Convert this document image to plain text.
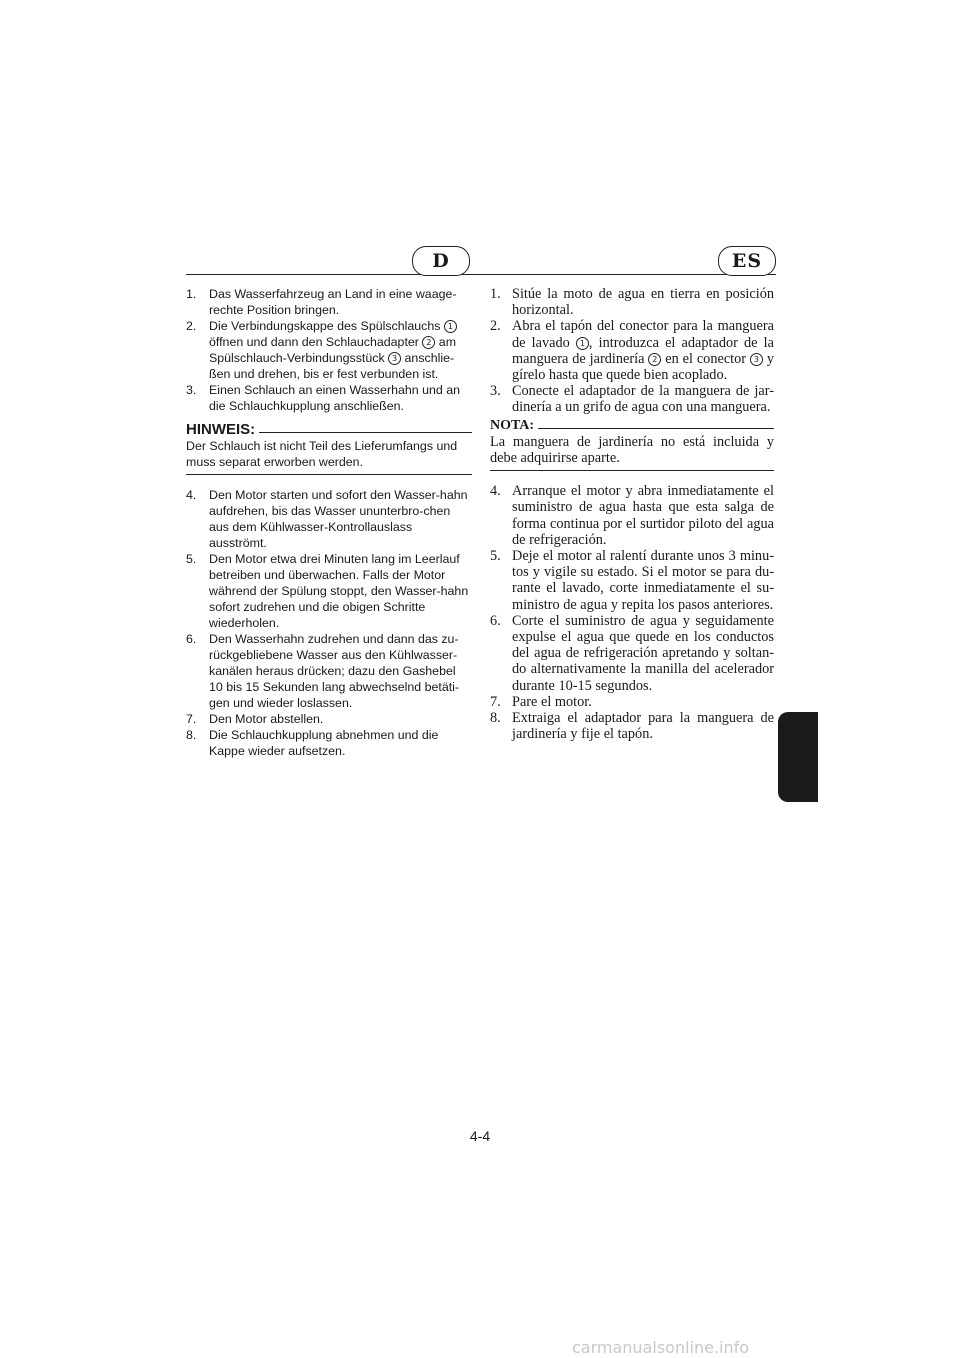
D	ES
1. Das Wasserfahrzeug an Land in eine waage-rechte Position bringen.
2. Die Verbindungskappe des Spülschlauchs 1 öffnen und dann den Schlauchadapter 2 am Spülschlauch-Verbindungsstück 3 anschlie-ßen und drehen, bis er fest verbunden ist.
3. Einen Schlauch an einen Wasserhahn und an die Schlauchkupplung anschließen.
HINWEIS:
Der Schlauch ist nicht Teil des Lieferumfangs und muss separat erworben werden.
4. Den Motor starten und sofort den Wasser-hahn aufdrehen, bis das Wasser ununterbro-chen aus dem Kühlwasser-Kontrollauslass ausströmt.
5. Den Motor etwa drei Minuten lang im Leerlauf betreiben und überwachen. Falls der Motor während der Spülung stoppt, den Wasser-hahn sofort zudrehen und die obigen Schritte wiederholen.
6. Den Wasserhahn zudrehen und dann das zu-rückgebliebene Wasser aus den Kühlwasser-kanälen heraus drücken; dazu den Gashebel 10 bis 15 Sekunden lang abwechselnd betäti-gen und wieder loslassen.
7. Den Motor abstellen.
8. Die Schlauchkupplung abnehmen und die Kappe wieder aufsetzen.
1. Sitúe la moto de agua en tierra en posición horizontal.
2. Abra el tapón del conector para la manguera de lavado 1 , introduzca el adaptador de la manguera de jardinería 2 en el conector 3 y gírelo hasta que quede bien acoplado.
3. Conecte el adaptador de la manguera de jar-dinería a un grifo de agua con una manguera.
NOTA:
La manguera de jardinería no está incluida y debe adquirirse aparte.
4. Arranque el motor y abra inmediatamente el suministro de agua hasta que esta salga de forma continua por el surtidor piloto del agua de refrigeración.
5. Deje el motor al ralentí durante unos 3 minu-tos y vigile su estado. Si el motor se para du-rante el lavado, corte inmediatamente el su-ministro de agua y repita los pasos anteriores.
6. Corte el suministro de agua y seguidamente expulse el agua que quede en los conductos del agua de refrigeración apretando y soltan-do alternativamente la manilla del acelerador durante 10-15 segundos.
7. Pare el motor.
8. Extraiga el adaptador para la manguera de jardinería y fije el tapón.
4-4
carmanualsonline.info
